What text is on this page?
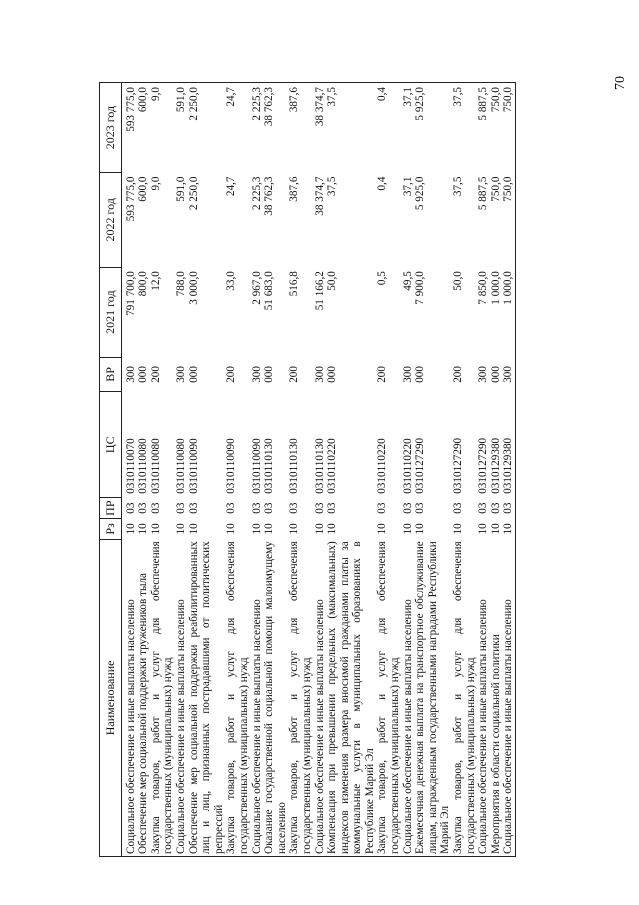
70
Наименование	Рз	ПР	ЦС	ВР	2021 год	2022 год	2023 год
Социальное обеспечение и иные выплаты населению	10	03	0310110070	300	791 700,0	593 775,0	593 775,0
Обеспечение мер социальной поддержки тружеников тыла	10	03	0310110080	000	800,0	600,0	600,0
Закупка товаров, работ и услуг для обеспечения государственных (муниципальных) нужд	10	03	0310110080	200	12,0	9,0	9,0
Социальное обеспечение и иные выплаты населению	10	03	0310110080	300	788,0	591,0	591,0
Обеспечение мер социальной поддержки реабилитированных лиц и лиц, признанных пострадавшими от политических репрессий	10	03	0310110090	000	3 000,0	2 250,0	2 250,0
Закупка товаров, работ и услуг для обеспечения государственных (муниципальных) нужд	10	03	0310110090	200	33,0	24,7	24,7
Социальное обеспечение и иные выплаты населению	10	03	0310110090	300	2 967,0	2 225,3	2 225,3
Оказание государственной социальной помощи малоимущему населению	10	03	0310110130	000	51 683,0	38 762,3	38 762,3
Закупка товаров, работ и услуг для обеспечения государственных (муниципальных) нужд	10	03	0310110130	200	516,8	387,6	387,6
Социальное обеспечение и иные выплаты населению	10	03	0310110130	300	51 166,2	38 374,7	38 374,7
Компенсация при превышении предельных (максимальных) индексов изменения размера вносимой гражданами платы за коммунальные услуги в муниципальных образованиях в Республике Марий Эл	10	03	0310110220	000	50,0	37,5	37,5
Закупка товаров, работ и услуг для обеспечения государственных (муниципальных) нужд	10	03	0310110220	200	0,5	0,4	0,4
Социальное обеспечение и иные выплаты населению	10	03	0310110220	300	49,5	37,1	37,1
Ежемесячная денежная выплата на транспортное обслуживание лицам, награжденным государственными наградами Республики Марий Эл	10	03	0310127290	000	7 900,0	5 925,0	5 925,0
Закупка товаров, работ и услуг для обеспечения государственных (муниципальных) нужд	10	03	0310127290	200	50,0	37,5	37,5
Социальное обеспечение и иные выплаты населению	10	03	0310127290	300	7 850,0	5 887,5	5 887,5
Мероприятия в области социальной политики	10	03	0310129380	000	1 000,0	750,0	750,0
Социальное обеспечение и иные выплаты населению	10	03	0310129380	300	1 000,0	750,0	750,0
